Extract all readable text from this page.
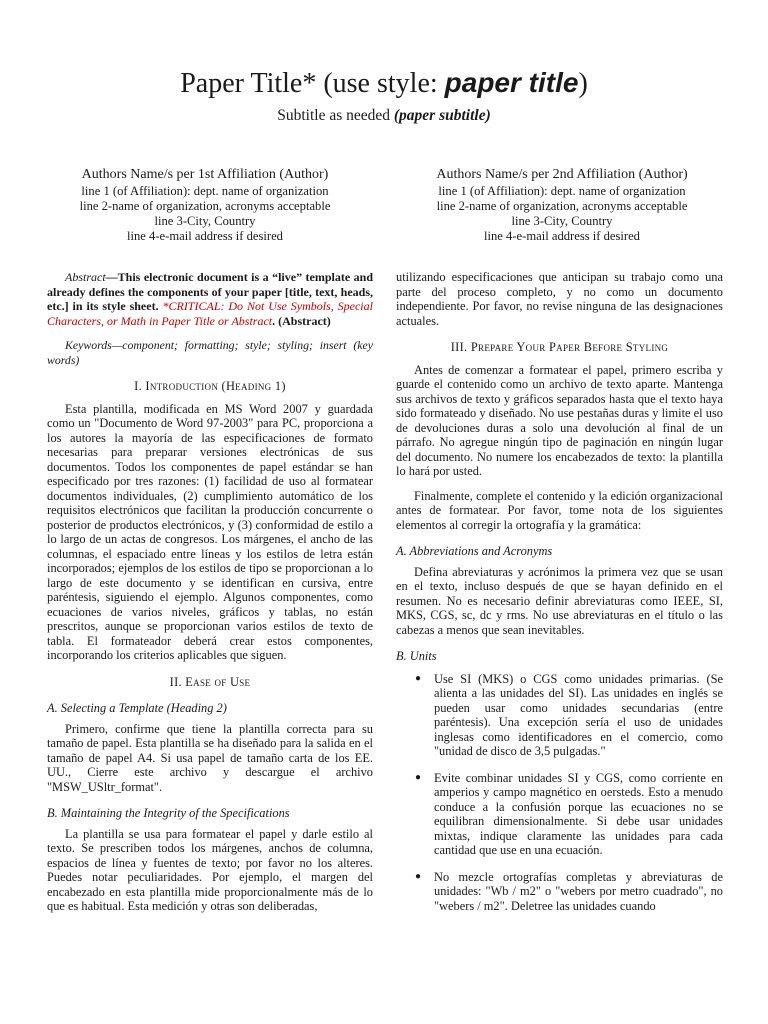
Paper Title* (use style: paper title)
Subtitle as needed (paper subtitle)
Authors Name/s per 1st Affiliation (Author)
line 1 (of Affiliation): dept. name of organization
line 2-name of organization, acronyms acceptable
line 3-City, Country
line 4-e-mail address if desired
Authors Name/s per 2nd Affiliation (Author)
line 1 (of Affiliation): dept. name of organization
line 2-name of organization, acronyms acceptable
line 3-City, Country
line 4-e-mail address if desired

Abstract—This electronic document is a “live” template and already defines the components of your paper [title, text, heads, etc.] in its style sheet. *CRITICAL: Do Not Use Symbols, Special Characters, or Math in Paper Title or Abstract. (Abstract)

Keywords—component; formatting; style; styling; insert (key words)

I. Introduction (Heading 1)

Esta plantilla, modificada en MS Word 2007 y guardada como un "Documento de Word 97-2003" para PC, proporciona a los autores la mayoría de las especificaciones de formato necesarias para preparar versiones electrónicas de sus documentos. Todos los componentes de papel estándar se han especificado por tres razones: (1) facilidad de uso al formatear documentos individuales, (2) cumplimiento automático de los requisitos electrónicos que facilitan la producción concurrente o posterior de productos electrónicos, y (3) conformidad de estilo a lo largo de un actas de congresos. Los márgenes, el ancho de las columnas, el espaciado entre líneas y los estilos de letra están incorporados; ejemplos de los estilos de tipo se proporcionan a lo largo de este documento y se identifican en cursiva, entre paréntesis, siguiendo el ejemplo. Algunos componentes, como ecuaciones de varios niveles, gráficos y tablas, no están prescritos, aunque se proporcionan varios estilos de texto de tabla. El formateador deberá crear estos componentes, incorporando los criterios aplicables que siguen.

II. Ease of Use
A. Selecting a Template (Heading 2)

Primero, confirme que tiene la plantilla correcta para su tamaño de papel. Esta plantilla se ha diseñado para la salida en el tamaño de papel A4. Si usa papel de tamaño carta de los EE. UU., Cierre este archivo y descargue el archivo "MSW_USltr_format".

B. Maintaining the Integrity of the Specifications

La plantilla se usa para formatear el papel y darle estilo al texto. Se prescriben todos los márgenes, anchos de columna, espacios de línea y fuentes de texto; por favor no los alteres. Puedes notar peculiaridades. Por ejemplo, el margen del encabezado en esta plantilla mide proporcionalmente más de lo que es habitual. Esta medición y otras son deliberadas,

utilizando especificaciones que anticipan su trabajo como una parte del proceso completo, y no como un documento independiente. Por favor, no revise ninguna de las designaciones actuales.

III. Prepare Your Paper Before Styling

Antes de comenzar a formatear el papel, primero escriba y guarde el contenido como un archivo de texto aparte. Mantenga sus archivos de texto y gráficos separados hasta que el texto haya sido formateado y diseñado. No use pestañas duras y limite el uso de devoluciones duras a solo una devolución al final de un párrafo. No agregue ningún tipo de paginación en ningún lugar del documento. No numere los encabezados de texto: la plantilla lo hará por usted.

Finalmente, complete el contenido y la edición organizacional antes de formatear. Por favor, tome nota de los siguientes elementos al corregir la ortografía y la gramática:

A. Abbreviations and Acronyms

Defina abreviaturas y acrónimos la primera vez que se usan en el texto, incluso después de que se hayan definido en el resumen. No es necesario definir abreviaturas como IEEE, SI, MKS, CGS, sc, dc y rms. No use abreviaturas en el título o las cabezas a menos que sean inevitables.

B. Units
● Use SI (MKS) o CGS como unidades primarias. (Se alienta a las unidades del SI). Las unidades en inglés se pueden usar como unidades secundarias (entre paréntesis). Una excepción sería el uso de unidades inglesas como identificadores en el comercio, como "unidad de disco de 3,5 pulgadas."
● Evite combinar unidades SI y CGS, como corriente en amperios y campo magnético en oersteds. Esto a menudo conduce a la confusión porque las ecuaciones no se equilibran dimensionalmente. Si debe usar unidades mixtas, indique claramente las unidades para cada cantidad que use en una ecuación.
● No mezcle ortografías completas y abreviaturas de unidades: "Wb / m2" o "webers por metro cuadrado", no "webers / m2". Deletree las unidades cuando
